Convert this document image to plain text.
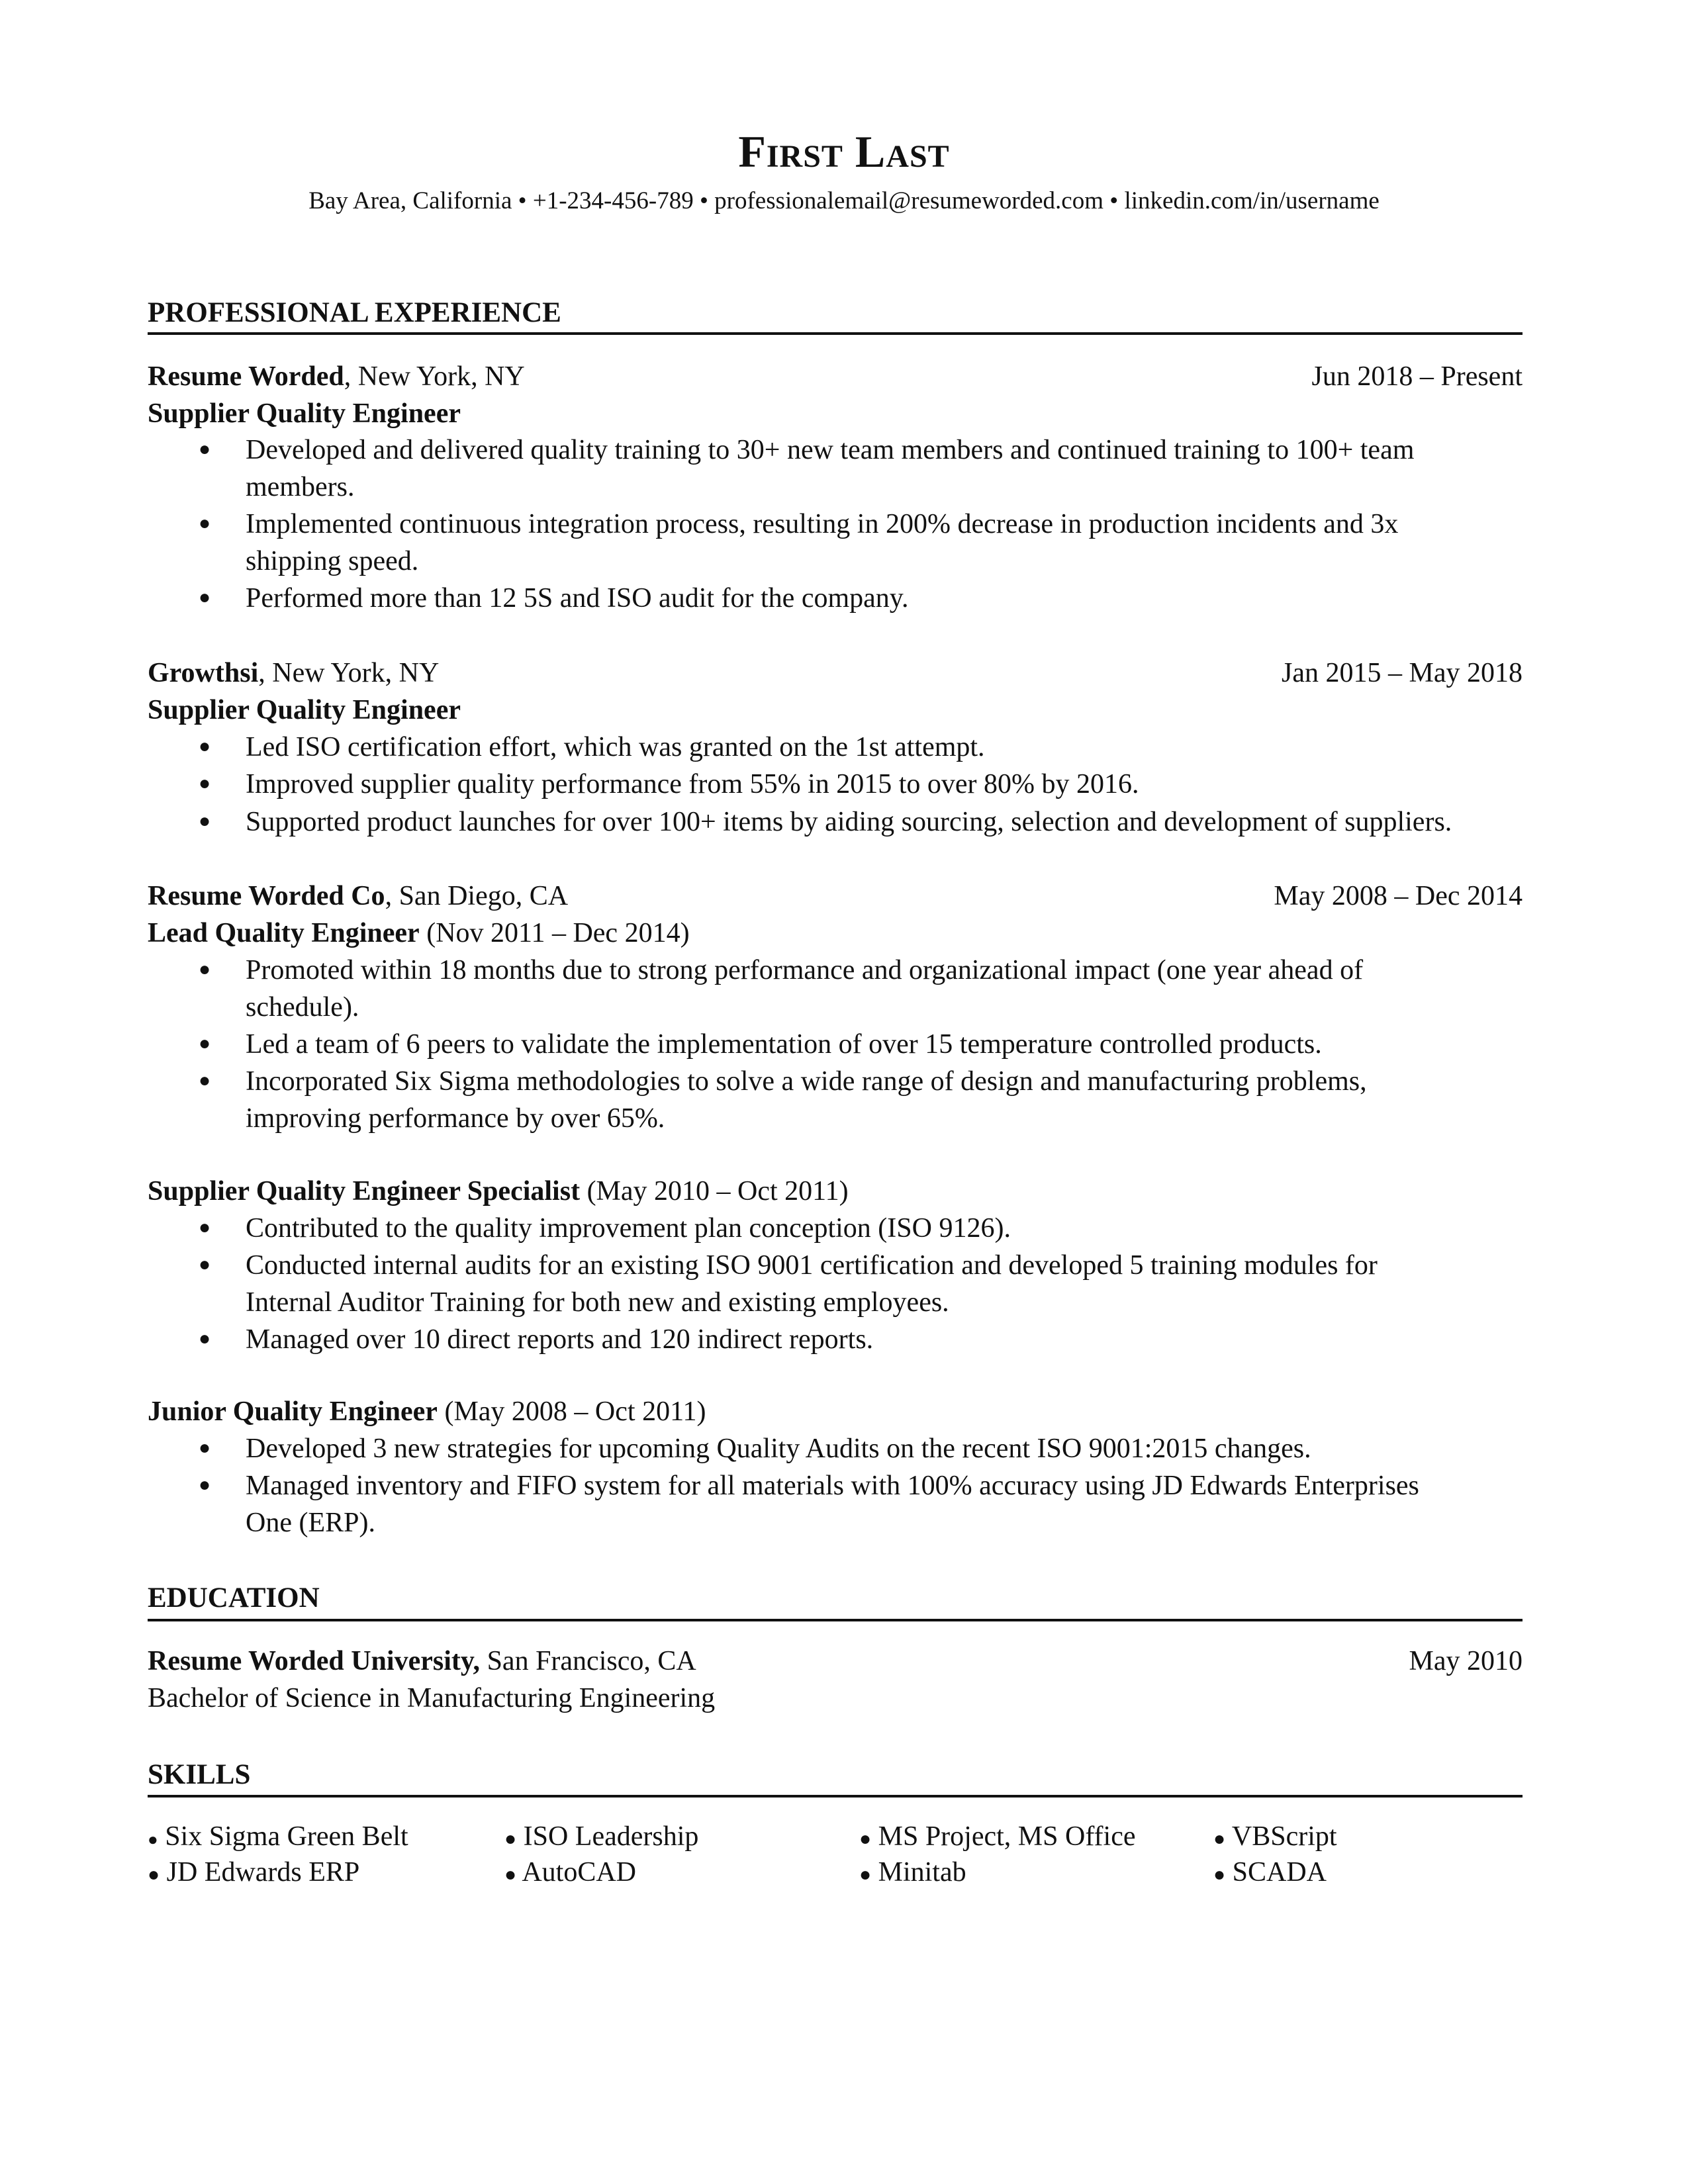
First Last
Bay Area, California • +1-234-456-789 • professionalemail@resumeworded.com • linkedin.com/in/username
PROFESSIONAL EXPERIENCE
Resume Worded, New York, NY	Jun 2018 – Present
Supplier Quality Engineer
● Developed and delivered quality training to 30+ new team members and continued training to 100+ team
members.
● Implemented continuous integration process, resulting in 200% decrease in production incidents and 3x
shipping speed.
● Performed more than 12 5S and ISO audit for the company.
Growthsi, New York, NY	Jan 2015 – May 2018
Supplier Quality Engineer
● Led ISO certification effort, which was granted on the 1st attempt.
● Improved supplier quality performance from 55% in 2015 to over 80% by 2016.
● Supported product launches for over 100+ items by aiding sourcing, selection and development of suppliers.
Resume Worded Co, San Diego, CA	May 2008 – Dec 2014
Lead Quality Engineer (Nov 2011 – Dec 2014)
● Promoted within 18 months due to strong performance and organizational impact (one year ahead of
schedule).
● Led a team of 6 peers to validate the implementation of over 15 temperature controlled products.
● Incorporated Six Sigma methodologies to solve a wide range of design and manufacturing problems,
improving performance by over 65%.
Supplier Quality Engineer Specialist (May 2010 – Oct 2011)
● Contributed to the quality improvement plan conception (ISO 9126).
● Conducted internal audits for an existing ISO 9001 certification and developed 5 training modules for
Internal Auditor Training for both new and existing employees.
● Managed over 10 direct reports and 120 indirect reports.
Junior Quality Engineer (May 2008 – Oct 2011)
● Developed 3 new strategies for upcoming Quality Audits on the recent ISO 9001:2015 changes.
● Managed inventory and FIFO system for all materials with 100% accuracy using JD Edwards Enterprises
One (ERP).
EDUCATION
Resume Worded University, San Francisco, CA	May 2010
Bachelor of Science in Manufacturing Engineering
SKILLS
● Six Sigma Green Belt	● ISO Leadership	● MS Project, MS Office	● VBScript
● JD Edwards ERP	● AutoCAD	● Minitab	● SCADA
